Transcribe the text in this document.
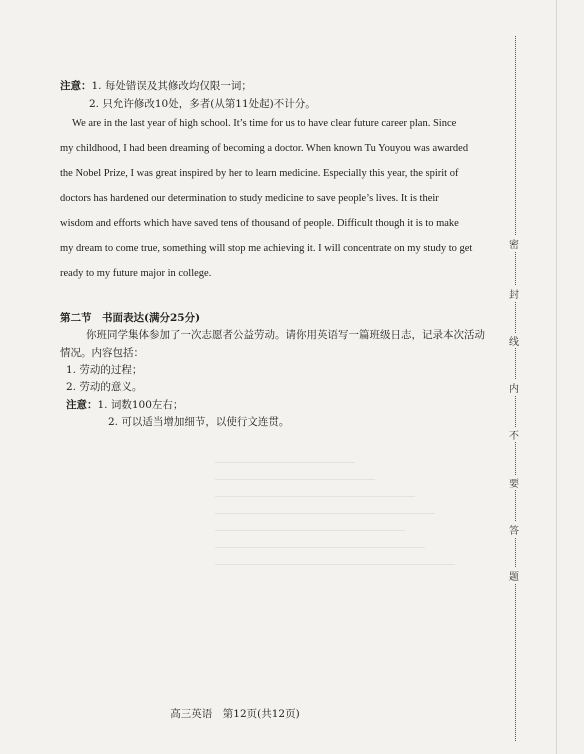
注意：1. 每处错误及其修改均仅限一词；
2. 只允许修改10处，多者(从第11处起)不计分。
We are in the last year of high school. It’s time for us to have clear future career plan. Since
my childhood, I had been dreaming of becoming a doctor. When known Tu Youyou was awarded
the Nobel Prize, I was great inspired by her to learn medicine. Especially this year, the spirit of
doctors has hardened our determination to study medicine to save people’s lives. It is their
wisdom and efforts which have saved tens of thousand of people. Difficult though it is to make
my dream to come true, something will stop me achieving it. I will concentrate on my study to get
ready to my future major in college.
第二节　书面表达(满分25分)
你班同学集体参加了一次志愿者公益劳动。请你用英语写一篇班级日志，记录本次活动
情况。内容包括：
1. 劳动的过程；
2. 劳动的意义。
注意：1. 词数100左右；
2. 可以适当增加细节，以使行文连贯。
高三英语　第12页(共12页)
密
封
线
内
不
要
答
题
